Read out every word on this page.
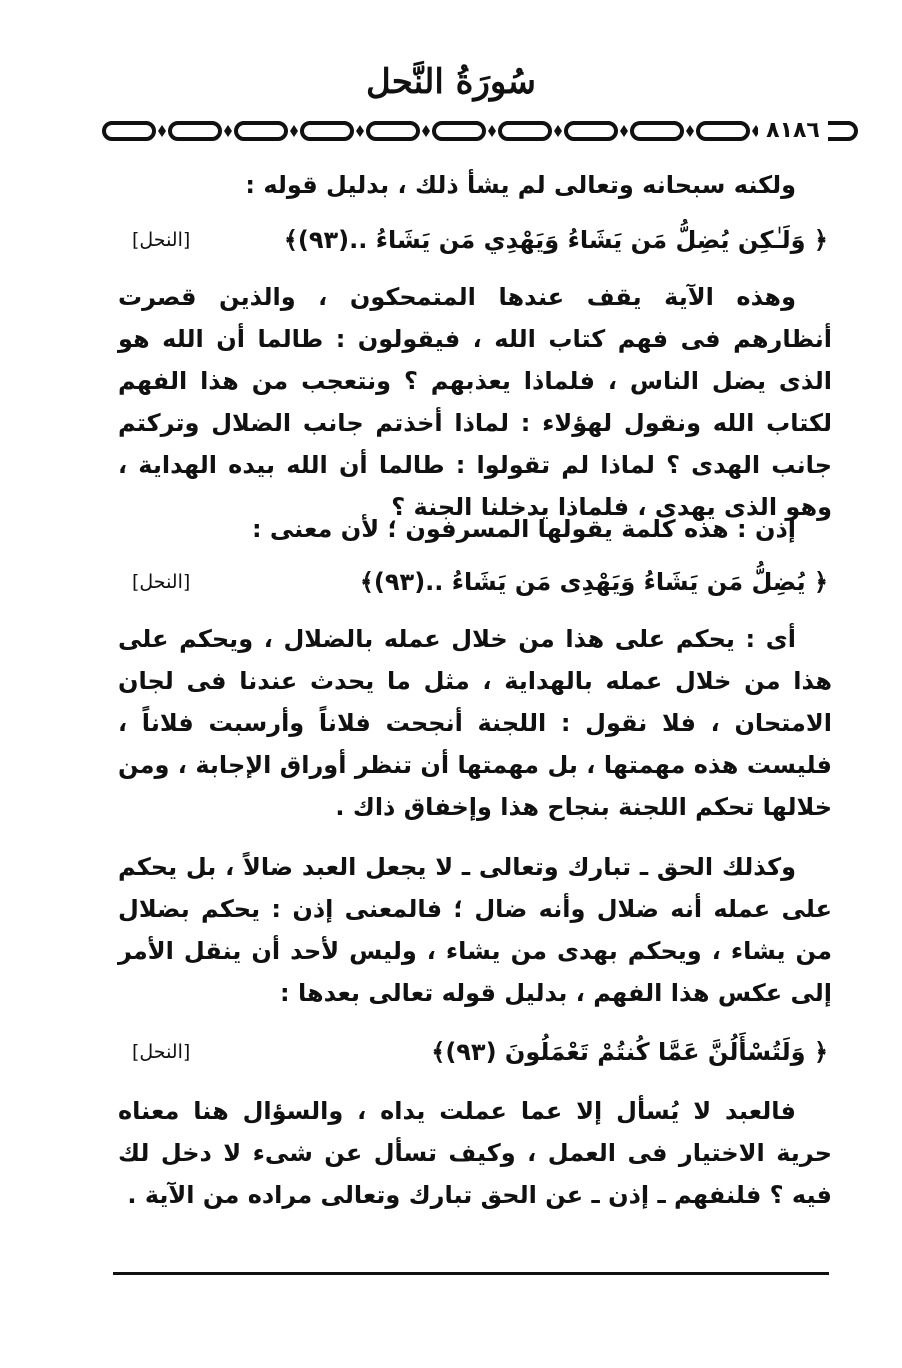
سُورَةُ النَّحل
٨١٨٦

ولكنه سبحانه وتعالى لم يشأ ذلك ، بدليل قوله :

﴿ وَلَـٰكِن يُضِلُّ مَن يَشَاءُ وَيَهْدِي مَن يَشَاءُ ..(٩٣)﴾
[النحل]

وهذه الآية يقف عندها المتمحكون ، والذين قصرت أنظارهم فى فهم كتاب الله ، فيقولون : طالما أن الله هو الذى يضل الناس ، فلماذا يعذبهم ؟ ونتعجب من هذا الفهم لكتاب الله ونقول لهؤلاء : لماذا أخذتم جانب الضلال وتركتم جانب الهدى ؟ لماذا لم تقولوا : طالما أن الله بيده الهداية ، وهو الذى يهدى ، فلماذا يدخلنا الجنة ؟

إذن : هذه كلمة يقولها المسرفون ؛ لأن معنى :

﴿ يُضِلُّ مَن يَشَاءُ وَيَهْدِى مَن يَشَاءُ ..(٩٣)﴾
[النحل]

أى : يحكم على هذا من خلال عمله بالضلال ، ويحكم على هذا من خلال عمله بالهداية ، مثل ما يحدث عندنا فى لجان الامتحان ، فلا نقول : اللجنة أنجحت فلاناً وأرسبت فلاناً ، فليست هذه مهمتها ، بل مهمتها أن تنظر أوراق الإجابة ، ومن خلالها تحكم اللجنة بنجاح هذا وإخفاق ذاك .

وكذلك الحق ـ تبارك وتعالى ـ لا يجعل العبد ضالاً ، بل يحكم على عمله أنه ضلال وأنه ضال ؛ فالمعنى إذن : يحكم بضلال من يشاء ، ويحكم بهدى من يشاء ، وليس لأحد أن ينقل الأمر إلى عكس هذا الفهم ، بدليل قوله تعالى بعدها :

﴿ وَلَتُسْأَلُنَّ عَمَّا كُنتُمْ تَعْمَلُونَ (٩٣)﴾
[النحل]

فالعبد لا يُسأل إلا عما عملت يداه ، والسؤال هنا معناه حرية الاختيار فى العمل ، وكيف تسأل عن شىء لا دخل لك فيه ؟ فلنفهم ـ إذن ـ عن الحق تبارك وتعالى مراده من الآية .
